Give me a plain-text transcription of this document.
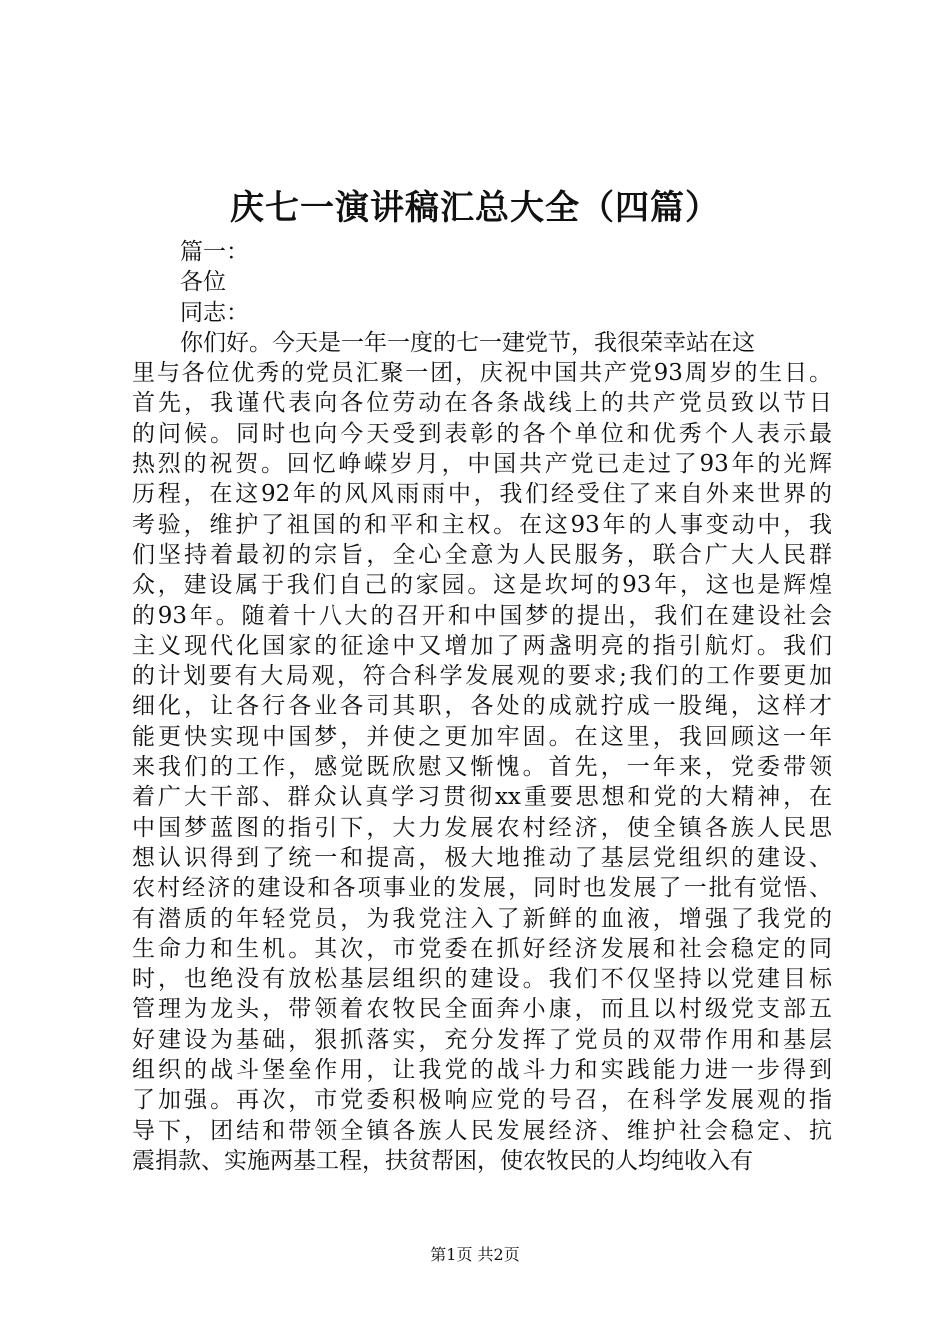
庆七一演讲稿汇总大全（四篇）
篇一：
各位
同志：
你们好。今天是一年一度的七一建党节，我很荣幸站在这
里与各位优秀的党员汇聚一团，庆祝中国共产党93周岁的生日。
首先，我谨代表向各位劳动在各条战线上的共产党员致以节日
的问候。同时也向今天受到表彰的各个单位和优秀个人表示最
热烈的祝贺。回忆峥嵘岁月，中国共产党已走过了93年的光辉
历程，在这92年的风风雨雨中，我们经受住了来自外来世界的
考验，维护了祖国的和平和主权。在这93年的人事变动中，我
们坚持着最初的宗旨，全心全意为人民服务，联合广大人民群
众，建设属于我们自己的家园。这是坎坷的93年，这也是辉煌
的93年。随着十八大的召开和中国梦的提出，我们在建设社会
主义现代化国家的征途中又增加了两盏明亮的指引航灯。我们
的计划要有大局观，符合科学发展观的要求;我们的工作要更加
细化，让各行各业各司其职，各处的成就拧成一股绳，这样才
能更快实现中国梦，并使之更加牢固。在这里，我回顾这一年
来我们的工作，感觉既欣慰又惭愧。首先，一年来，党委带领
着广大干部、群众认真学习贯彻xx重要思想和党的大精神，在
中国梦蓝图的指引下，大力发展农村经济，使全镇各族人民思
想认识得到了统一和提高，极大地推动了基层党组织的建设、
农村经济的建设和各项事业的发展，同时也发展了一批有觉悟、
有潜质的年轻党员，为我党注入了新鲜的血液，增强了我党的
生命力和生机。其次，市党委在抓好经济发展和社会稳定的同
时，也绝没有放松基层组织的建设。我们不仅坚持以党建目标
管理为龙头，带领着农牧民全面奔小康，而且以村级党支部五
好建设为基础，狠抓落实，充分发挥了党员的双带作用和基层
组织的战斗堡垒作用，让我党的战斗力和实践能力进一步得到
了加强。再次，市党委积极响应党的号召，在科学发展观的指
导下，团结和带领全镇各族人民发展经济、维护社会稳定、抗
震捐款、实施两基工程，扶贫帮困，使农牧民的人均纯收入有
第1页 共2页
